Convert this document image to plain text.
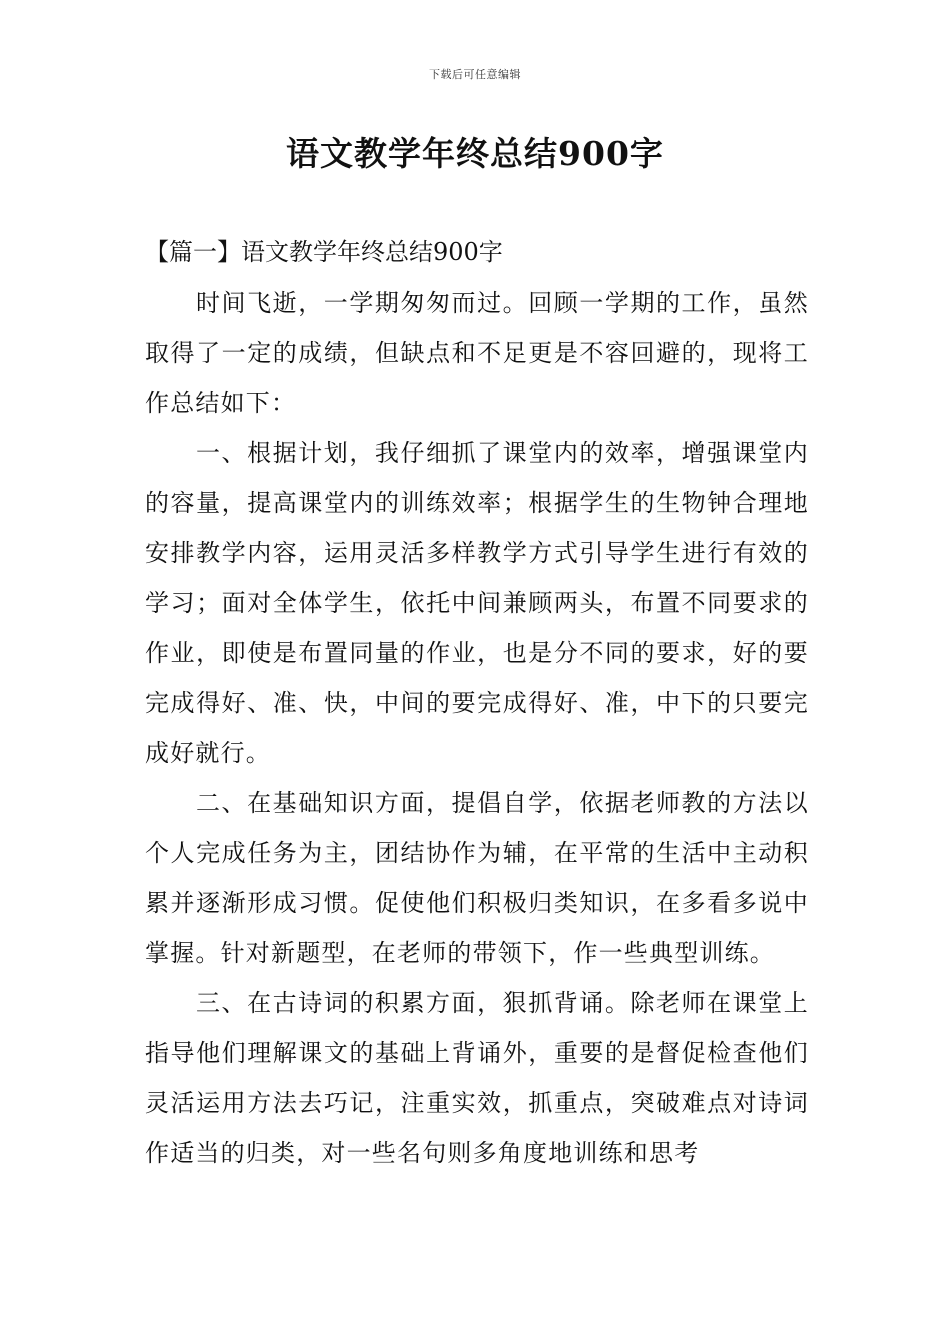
下载后可任意编辑
语文教学年终总结900字
【篇一】语文教学年终总结900字

时间飞逝，一学期匆匆而过。回顾一学期的工作，虽然取得了一定的成绩，但缺点和不足更是不容回避的，现将工作总结如下：

一、根据计划，我仔细抓了课堂内的效率，增强课堂内的容量，提高课堂内的训练效率；根据学生的生物钟合理地安排教学内容，运用灵活多样教学方式引导学生进行有效的学习；面对全体学生，依托中间兼顾两头，布置不同要求的作业，即使是布置同量的作业，也是分不同的要求，好的要完成得好、准、快，中间的要完成得好、准，中下的只要完成好就行。

二、在基础知识方面，提倡自学，依据老师教的方法以个人完成任务为主，团结协作为辅，在平常的生活中主动积累并逐渐形成习惯。促使他们积极归类知识，在多看多说中掌握。针对新题型，在老师的带领下，作一些典型训练。

三、在古诗词的积累方面，狠抓背诵。除老师在课堂上指导他们理解课文的基础上背诵外，重要的是督促检查他们灵活运用方法去巧记，注重实效，抓重点，突破难点对诗词作适当的归类，对一些名句则多角度地训练和思考
